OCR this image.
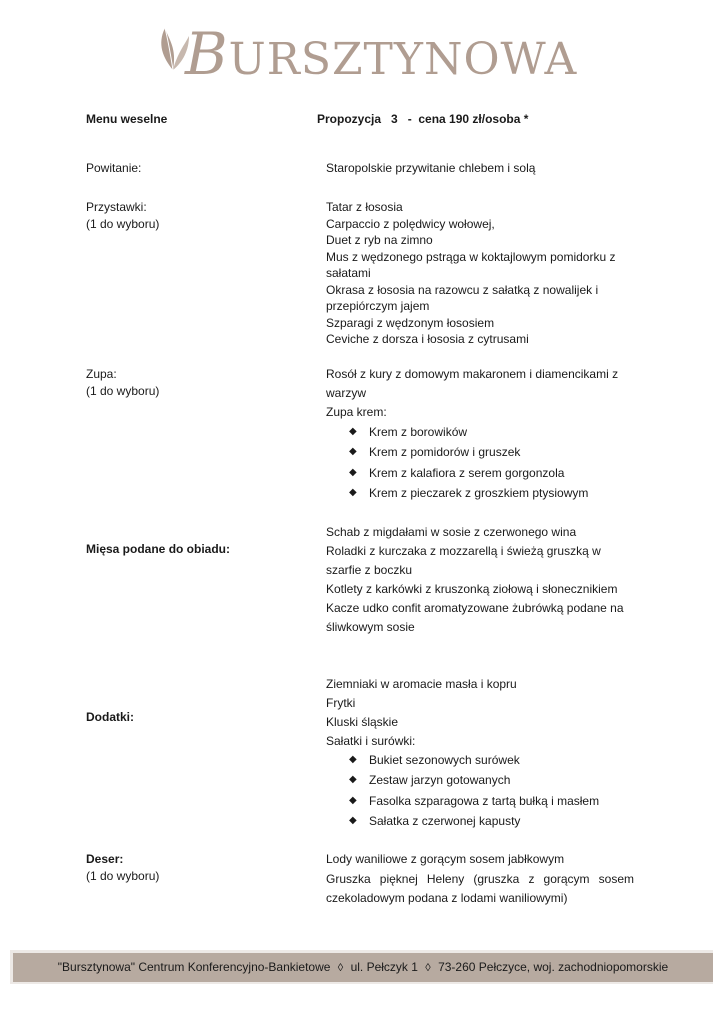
BURSZTYNOWA
Menu weselne	Propozycja   3   -  cena 190 zł/osoba *
Powitanie:	Staropolskie przywitanie chlebem i solą
Przystawki:
(1 do wyboru)
Tatar z łososia
Carpaccio z polędwicy wołowej,
Duet z ryb na zimno
Mus z wędzonego pstrąga w koktajlowym pomidorku z
sałatami
Okrasa z łososia na razowcu z sałatką z nowalijek i
przepiórczym jajem
Szparagi z wędzonym łososiem
Ceviche z dorsza i łososia z cytrusami
Zupa:
(1 do wyboru)
Rosół z kury z domowym makaronem i diamencikami z
warzyw
Zupa krem:
◆ Krem z borowików
◆ Krem z pomidorów i gruszek
◆ Krem z kalafiora z serem gorgonzola
◆ Krem z pieczarek z groszkiem ptysiowym
Mięsa podane do obiadu:
Schab z migdałami w sosie z czerwonego wina
Roladki z kurczaka z mozzarellą i świeżą gruszką w
szarfie z boczku
Kotlety z karkówki z kruszonką ziołową i słonecznikiem
Kacze udko confit aromatyzowane żubrówką podane na
śliwkowym sosie
Dodatki:
Ziemniaki w aromacie masła i kopru
Frytki
Kluski śląskie
Sałatki i surówki:
◆ Bukiet sezonowych surówek
◆ Zestaw jarzyn gotowanych
◆ Fasolka szparagowa z tartą bułką i masłem
◆ Sałatka z czerwonej kapusty
Deser:
(1 do wyboru)
Lody waniliowe z gorącym sosem jabłkowym
Gruszka pięknej Heleny (gruszka z gorącym sosem czekoladowym podana z lodami waniliowymi)
"Bursztynowa" Centrum Konferencyjno-Bankietowe ◊ ul. Pełczyk 1 ◊ 73-260 Pełczyce, woj. zachodniopomorskie
